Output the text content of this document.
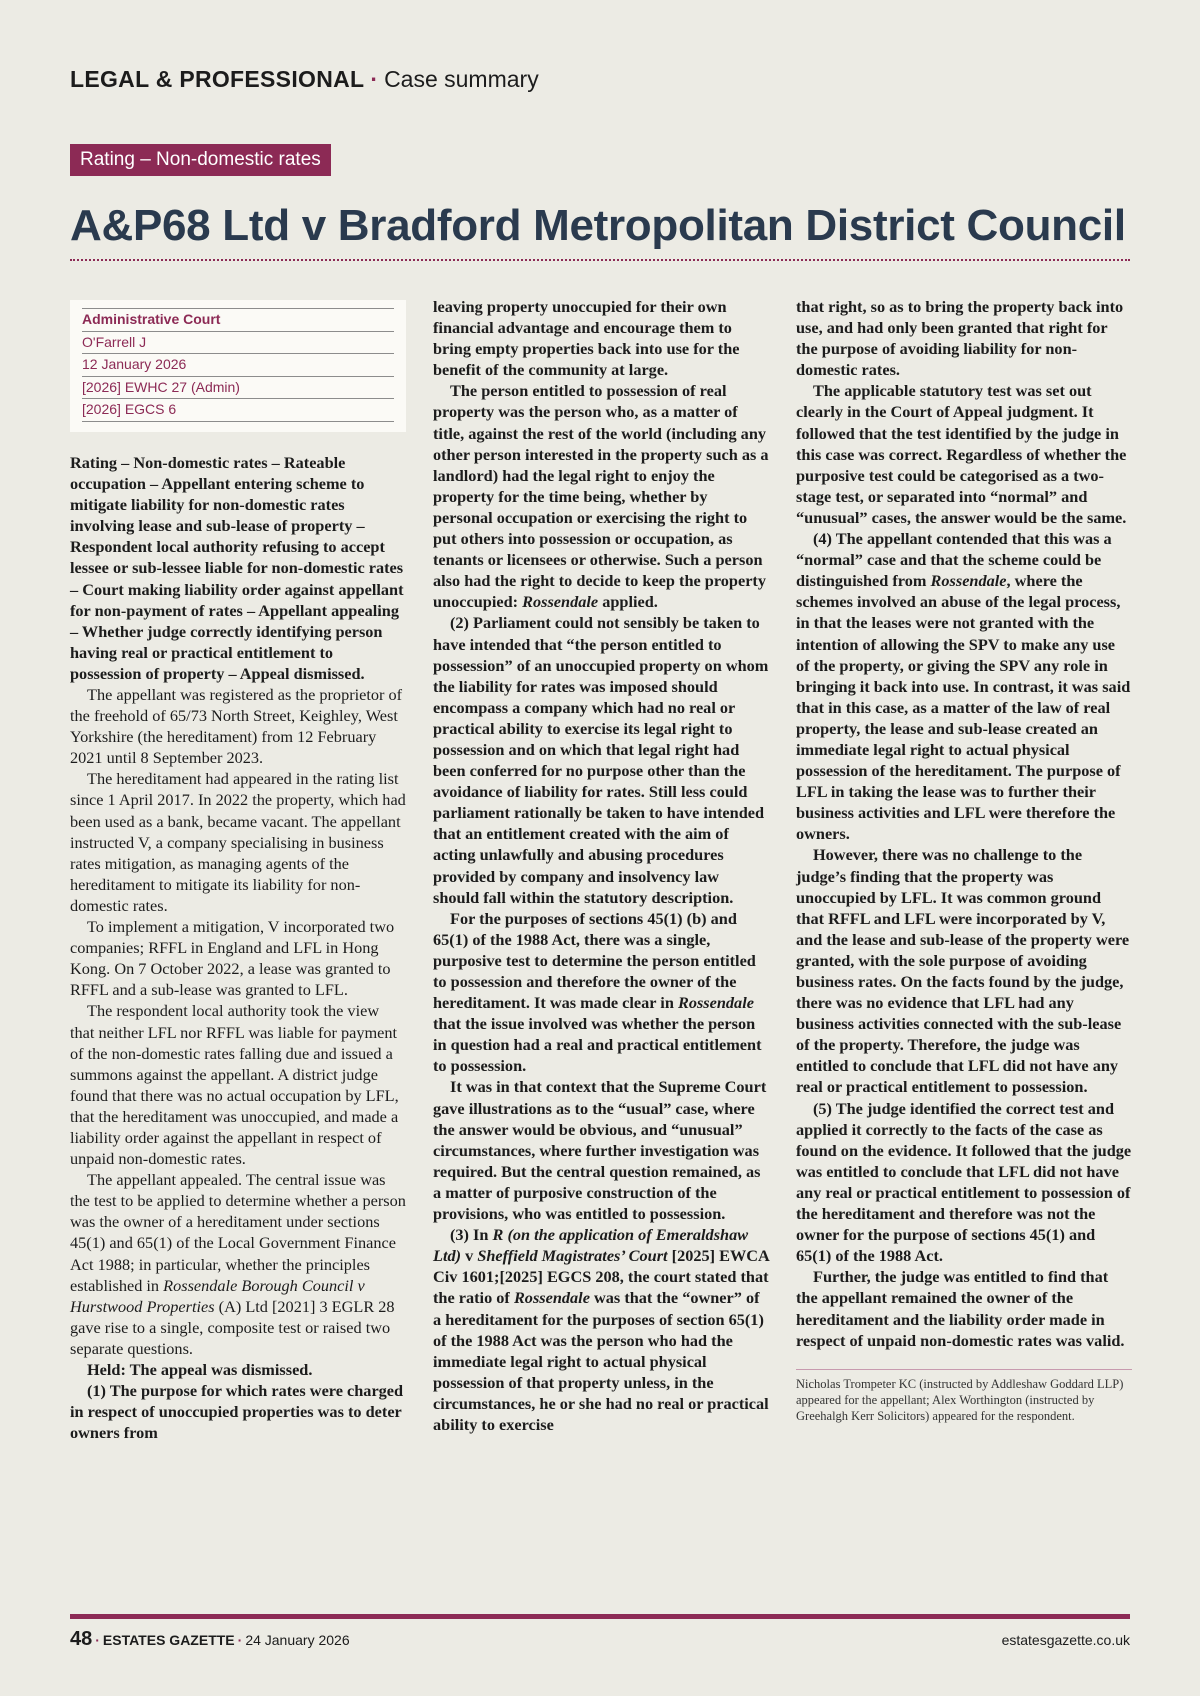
LEGAL & PROFESSIONAL · Case summary
Rating – Non-domestic rates
A&P68 Ltd v Bradford Metropolitan District Council
Administrative Court
O'Farrell J
12 January 2026
[2026] EWHC 27 (Admin)
[2026] EGCS 6

Rating – Non-domestic rates – Rateable occupation – Appellant entering scheme to mitigate liability for non-domestic rates involving lease and sub-lease of property – Respondent local authority refusing to accept lessee or sub-lessee liable for non-domestic rates – Court making liability order against appellant for non-payment of rates – Appellant appealing – Whether judge correctly identifying person having real or practical entitlement to possession of property – Appeal dismissed.

The appellant was registered as the proprietor of the freehold of 65/73 North Street, Keighley, West Yorkshire (the hereditament) from 12 February 2021 until 8 September 2023.

The hereditament had appeared in the rating list since 1 April 2017. In 2022 the property, which had been used as a bank, became vacant. The appellant instructed V, a company specialising in business rates mitigation, as managing agents of the hereditament to mitigate its liability for non-domestic rates.

To implement a mitigation, V incorporated two companies; RFFL in England and LFL in Hong Kong. On 7 October 2022, a lease was granted to RFFL and a sub-lease was granted to LFL.

The respondent local authority took the view that neither LFL nor RFFL was liable for payment of the non-domestic rates falling due and issued a summons against the appellant. A district judge found that there was no actual occupation by LFL, that the hereditament was unoccupied, and made a liability order against the appellant in respect of unpaid non-domestic rates.

The appellant appealed. The central issue was the test to be applied to determine whether a person was the owner of a hereditament under sections 45(1) and 65(1) of the Local Government Finance Act 1988; in particular, whether the principles established in Rossendale Borough Council v Hurstwood Properties (A) Ltd [2021] 3 EGLR 28 gave rise to a single, composite test or raised two separate questions.

Held: The appeal was dismissed.

(1) The purpose for which rates were charged in respect of unoccupied properties was to deter owners from

leaving property unoccupied for their own financial advantage and encourage them to bring empty properties back into use for the benefit of the community at large.

The person entitled to possession of real property was the person who, as a matter of title, against the rest of the world (including any other person interested in the property such as a landlord) had the legal right to enjoy the property for the time being, whether by personal occupation or exercising the right to put others into possession or occupation, as tenants or licensees or otherwise. Such a person also had the right to decide to keep the property unoccupied: Rossendale applied.

(2) Parliament could not sensibly be taken to have intended that “the person entitled to possession” of an unoccupied property on whom the liability for rates was imposed should encompass a company which had no real or practical ability to exercise its legal right to possession and on which that legal right had been conferred for no purpose other than the avoidance of liability for rates. Still less could parliament rationally be taken to have intended that an entitlement created with the aim of acting unlawfully and abusing procedures provided by company and insolvency law should fall within the statutory description.

For the purposes of sections 45(1) (b) and 65(1) of the 1988 Act, there was a single, purposive test to determine the person entitled to possession and therefore the owner of the hereditament. It was made clear in Rossendale that the issue involved was whether the person in question had a real and practical entitlement to possession.

It was in that context that the Supreme Court gave illustrations as to the “usual” case, where the answer would be obvious, and “unusual” circumstances, where further investigation was required. But the central question remained, as a matter of purposive construction of the provisions, who was entitled to possession.

(3) In R (on the application of Emeraldshaw Ltd) v Sheffield Magistrates’ Court [2025] EWCA Civ 1601;[2025] EGCS 208, the court stated that the ratio of Rossendale was that the “owner” of a hereditament for the purposes of section 65(1) of the 1988 Act was the person who had the immediate legal right to actual physical possession of that property unless, in the circumstances, he or she had no real or practical ability to exercise

that right, so as to bring the property back into use, and had only been granted that right for the purpose of avoiding liability for non-domestic rates.

The applicable statutory test was set out clearly in the Court of Appeal judgment. It followed that the test identified by the judge in this case was correct. Regardless of whether the purposive test could be categorised as a two-stage test, or separated into “normal” and “unusual” cases, the answer would be the same.

(4) The appellant contended that this was a “normal” case and that the scheme could be distinguished from Rossendale, where the schemes involved an abuse of the legal process, in that the leases were not granted with the intention of allowing the SPV to make any use of the property, or giving the SPV any role in bringing it back into use. In contrast, it was said that in this case, as a matter of the law of real property, the lease and sub-lease created an immediate legal right to actual physical possession of the hereditament. The purpose of LFL in taking the lease was to further their business activities and LFL were therefore the owners.

However, there was no challenge to the judge’s finding that the property was unoccupied by LFL. It was common ground that RFFL and LFL were incorporated by V, and the lease and sub-lease of the property were granted, with the sole purpose of avoiding business rates. On the facts found by the judge, there was no evidence that LFL had any business activities connected with the sub-lease of the property. Therefore, the judge was entitled to conclude that LFL did not have any real or practical entitlement to possession.

(5) The judge identified the correct test and applied it correctly to the facts of the case as found on the evidence. It followed that the judge was entitled to conclude that LFL did not have any real or practical entitlement to possession of the hereditament and therefore was not the owner for the purpose of sections 45(1) and 65(1) of the 1988 Act.

Further, the judge was entitled to find that the appellant remained the owner of the hereditament and the liability order made in respect of unpaid non-domestic rates was valid.

Nicholas Trompeter KC (instructed by Addleshaw Goddard LLP) appeared for the appellant; Alex Worthington (instructed by Greehalgh Kerr Solicitors) appeared for the respondent.
48 · ESTATES GAZETTE · 24 January 2026	estatesgazette.co.uk
